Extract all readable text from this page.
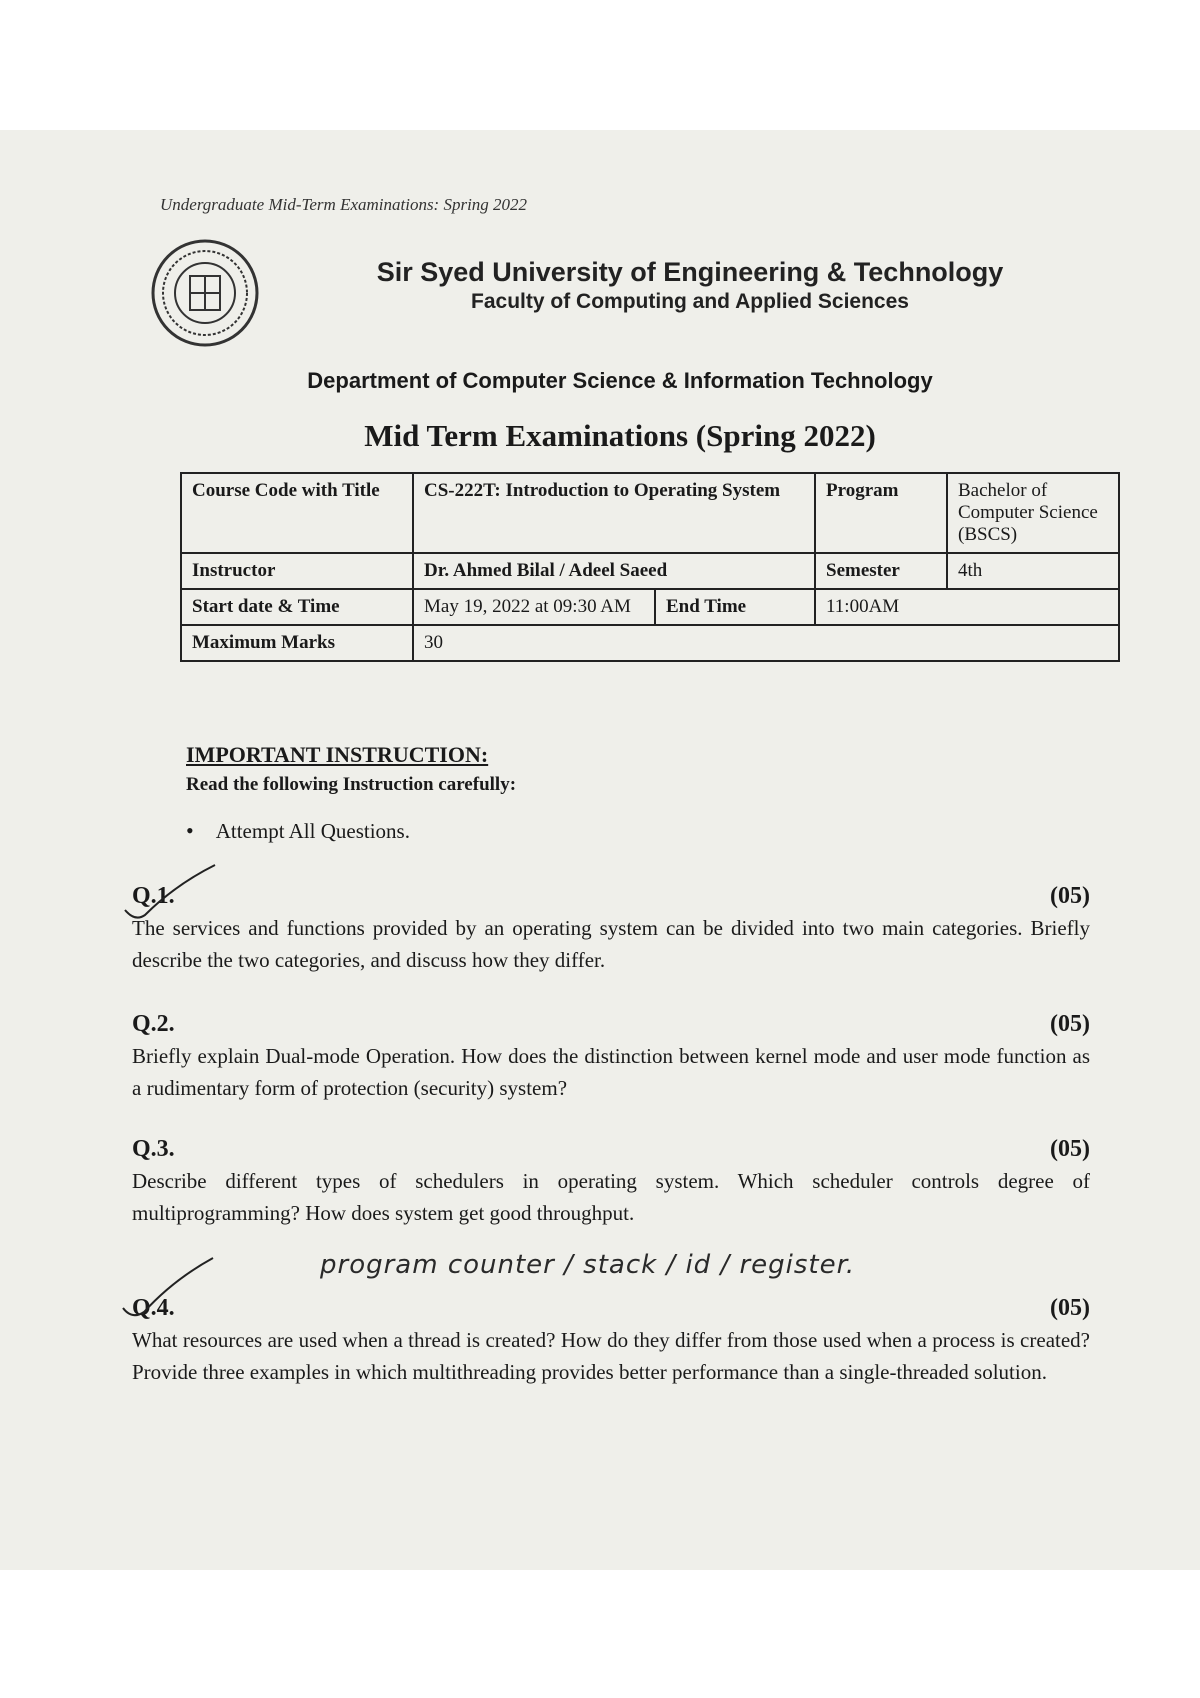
Undergraduate Mid-Term Examinations: Spring 2022
Sir Syed University of Engineering & Technology
Faculty of Computing and Applied Sciences
Department of Computer Science & Information Technology
Mid Term Examinations (Spring 2022)
Course Code with Title	CS-222T: Introduction to Operating System		Program	Bachelor of Computer Science (BSCS)
Instructor	Dr. Ahmed Bilal / Adeel Saeed		Semester	4th
Start date & Time	May 19, 2022 at 09:30 AM	End Time	11:00AM	
Maximum Marks	30			
IMPORTANT INSTRUCTION:
Read the following Instruction carefully:
• Attempt All Questions.
Q.1.	(05)
The services and functions provided by an operating system can be divided into two main categories. Briefly describe the two categories, and discuss how they differ.
Q.2.	(05)
Briefly explain Dual-mode Operation. How does the distinction between kernel mode and user mode function as a rudimentary form of protection (security) system?
Q.3.	(05)
Describe different types of schedulers in operating system. Which scheduler controls degree of multiprogramming? How does system get good throughput.
program counter / stack / id / register.
Q.4.	(05)
What resources are used when a thread is created? How do they differ from those used when a process is created? Provide three examples in which multithreading provides better performance than a single-threaded solution.
